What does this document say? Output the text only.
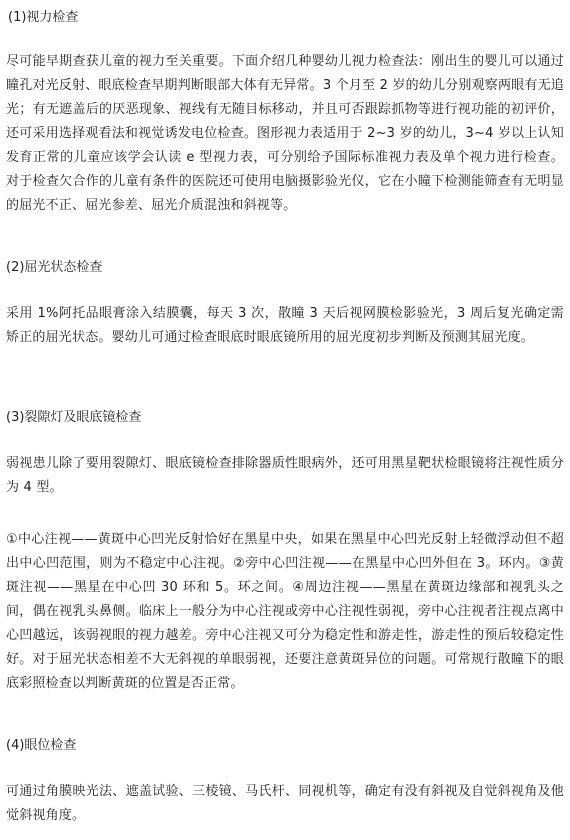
(1)视力检查

尽可能早期查获儿童的视力至关重要。下面介绍几种婴幼儿视力检查法：刚出生的婴儿可以通过瞳孔对光反射、眼底检查早期判断眼部大体有无异常。3 个月至 2 岁的幼儿分别观察两眼有无追光；有无遮盖后的厌恶现象、视线有无随目标移动，并且可否跟踪抓物等进行视功能的初评价，还可采用选择观看法和视觉诱发电位检查。图形视力表适用于 2~3 岁的幼儿，3~4 岁以上认知发育正常的儿童应该学会认读 e 型视力表，可分别给予国际标准视力表及单个视力进行检查。对于检查欠合作的儿童有条件的医院还可使用电脑摄影验光仪，它在小瞳下检测能筛查有无明显的屈光不正、屈光参差、屈光介质混浊和斜视等。

(2)屈光状态检查

采用 1%阿托品眼膏涂入结膜囊，每天 3 次，散瞳 3 天后视网膜检影验光，3 周后复光确定需矫正的屈光状态。婴幼儿可通过检查眼底时眼底镜所用的屈光度初步判断及预测其屈光度。

(3)裂隙灯及眼底镜检查

弱视患儿除了要用裂隙灯、眼底镜检查排除器质性眼病外，还可用黑星靶状检眼镜将注视性质分为 4 型。

①中心注视——黄斑中心凹光反射恰好在黑星中央，如果在黑星中心凹光反射上轻微浮动但不超出中心凹范围，则为不稳定中心注视。②旁中心凹注视——在黑星中心凹外但在 3。环内。③黄斑注视——黑星在中心凹 30 环和 5。环之间。④周边注视——黑星在黄斑边缘部和视乳头之间，偶在视乳头鼻侧。临床上一般分为中心注视或旁中心注视性弱视，旁中心注视者注视点离中心凹越远，该弱视眼的视力越差。旁中心注视又可分为稳定性和游走性，游走性的预后较稳定性好。对于屈光状态相差不大无斜视的单眼弱视，还要注意黄斑异位的问题。可常规行散瞳下的眼底彩照检查以判断黄斑的位置是否正常。

(4)眼位检查

可通过角膜映光法、遮盖试验、三棱镜、马氏杆、同视机等，确定有没有斜视及自觉斜视角及他觉斜视角度。
